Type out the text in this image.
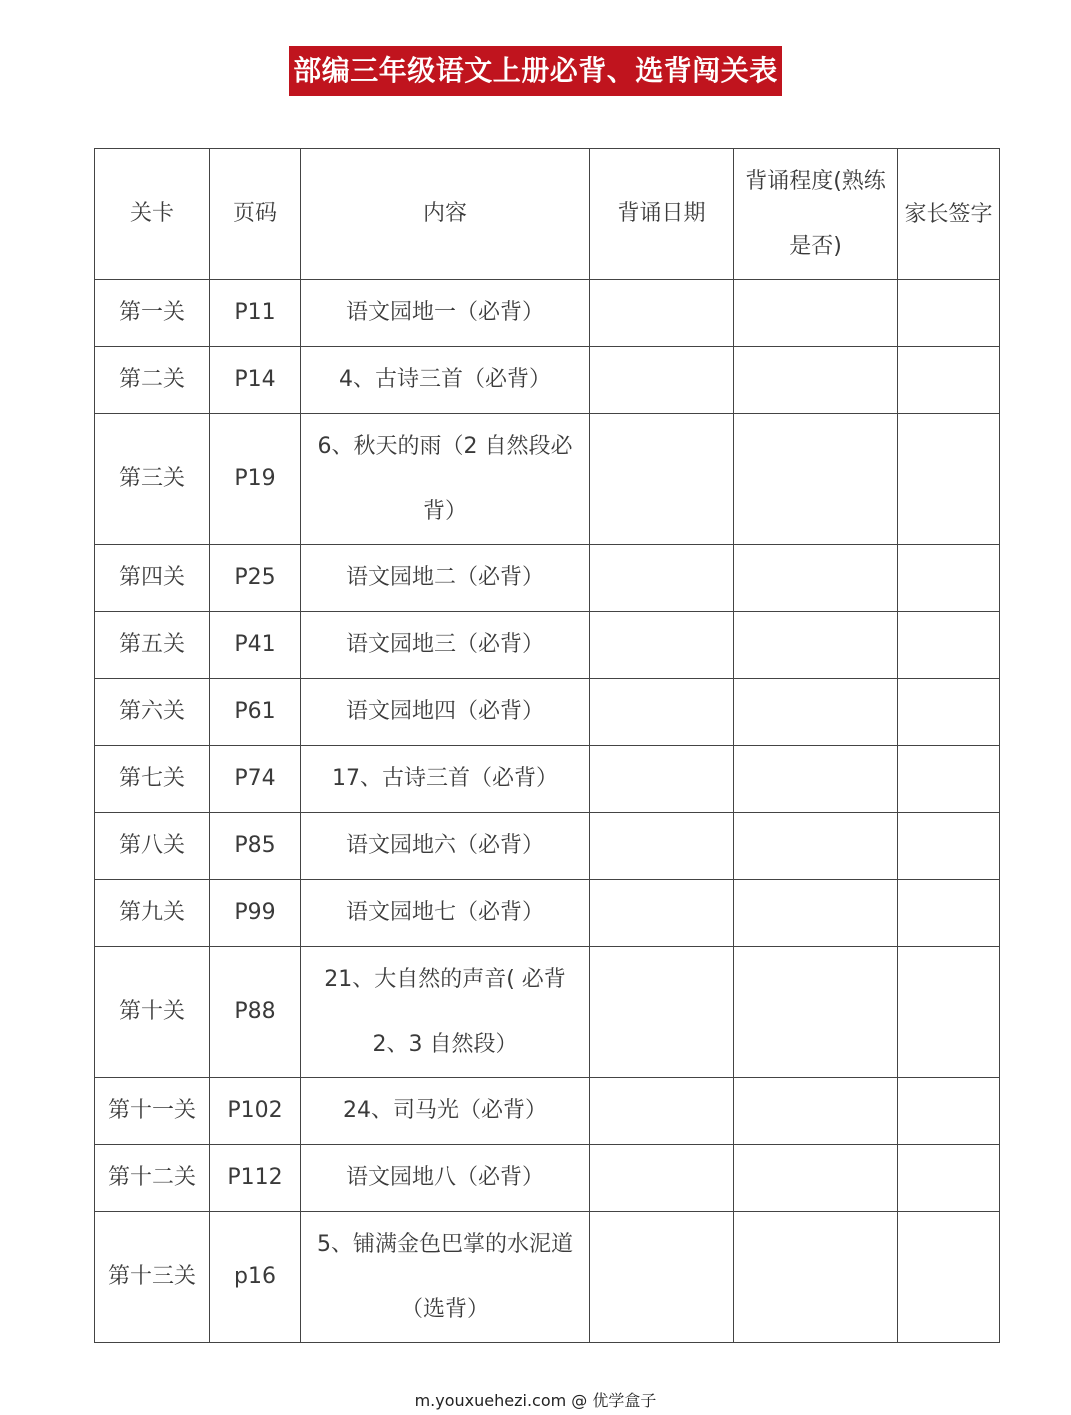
部编三年级语文上册必背、选背闯关表
关卡	页码	内容	背诵日期	背诵程度(熟练是否)	家长签字
第一关	P11	语文园地一（必背）			
第二关	P14	4、古诗三首（必背）			
第三关	P19	6、秋天的雨（2 自然段必背）			
第四关	P25	语文园地二（必背）			
第五关	P41	语文园地三（必背）			
第六关	P61	语文园地四（必背）			
第七关	P74	17、古诗三首（必背）			
第八关	P85	语文园地六（必背）			
第九关	P99	语文园地七（必背）			
第十关	P88	21、大自然的声音( 必背 2、3 自然段）			
第十一关	P102	24、司马光（必背）			
第十二关	P112	语文园地八（必背）			
第十三关	p16	5、铺满金色巴掌的水泥道（选背）			
m.youxuehezi.com @ 优学盒子
